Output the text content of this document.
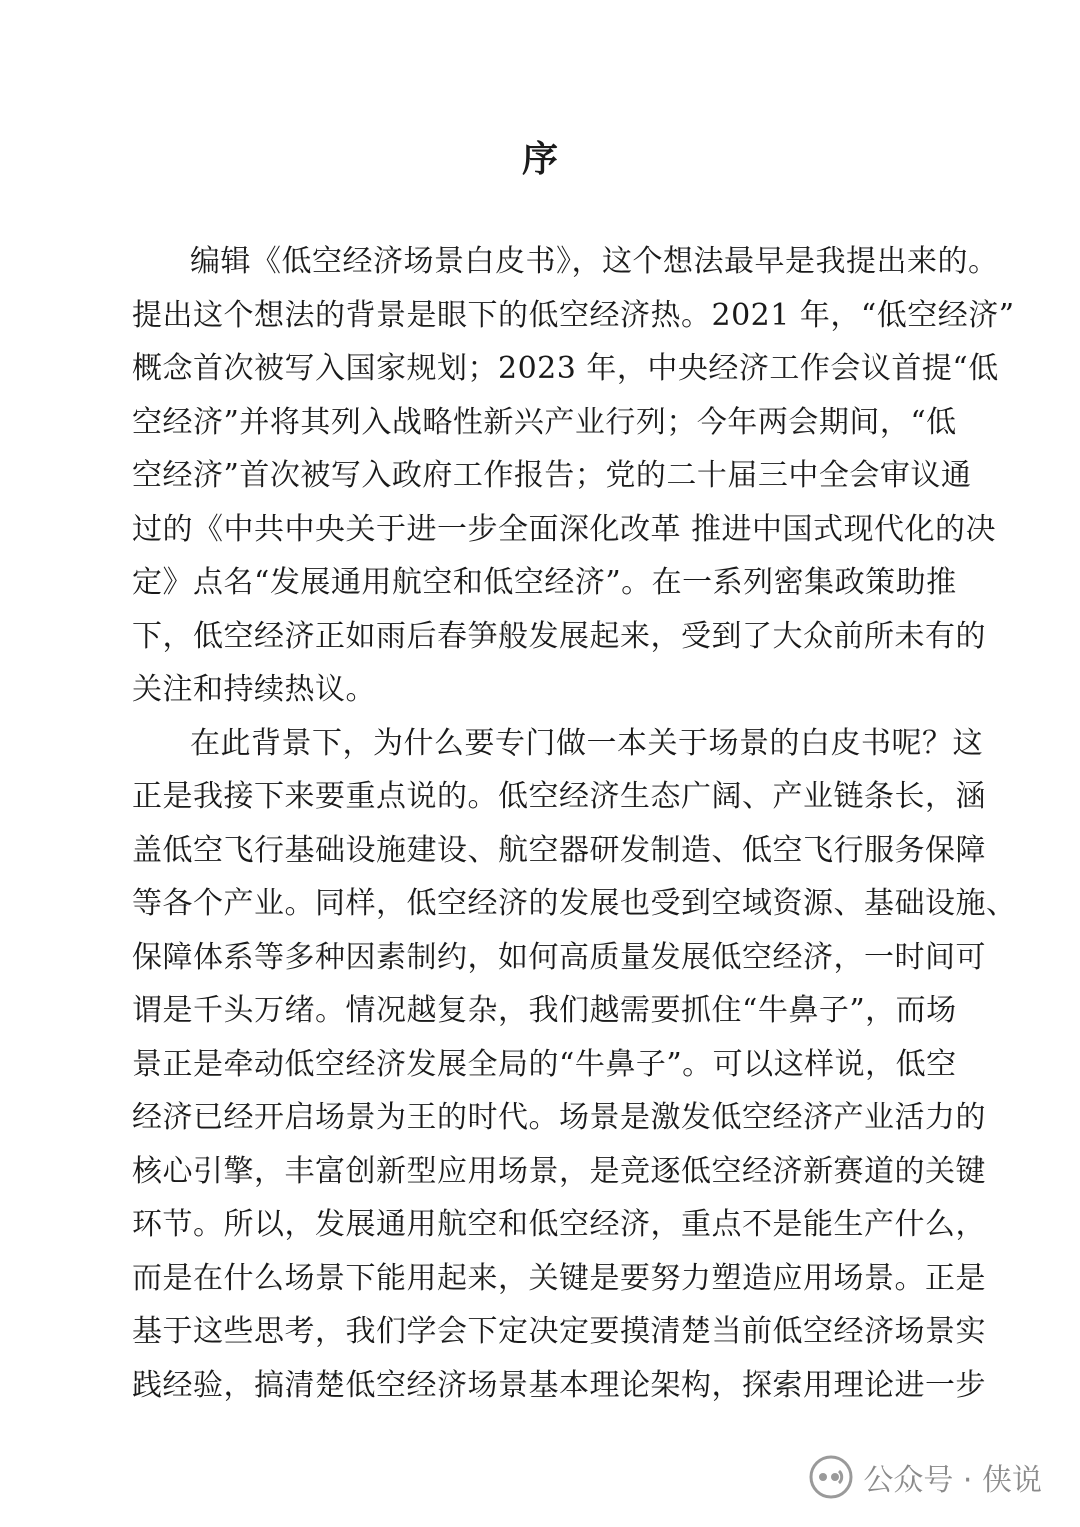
序
编辑《低空经济场景白皮书》，这个想法最早是我提出来的。
提出这个想法的背景是眼下的低空经济热。2021 年，“低空经济”
概念首次被写入国家规划；2023 年，中央经济工作会议首提“低
空经济”并将其列入战略性新兴产业行列；今年两会期间，“低
空经济”首次被写入政府工作报告；党的二十届三中全会审议通
过的《中共中央关于进一步全面深化改革 推进中国式现代化的决
定》点名“发展通用航空和低空经济”。在一系列密集政策助推
下，低空经济正如雨后春笋般发展起来，受到了大众前所未有的
关注和持续热议。
在此背景下，为什么要专门做一本关于场景的白皮书呢？这
正是我接下来要重点说的。低空经济生态广阔、产业链条长，涵
盖低空飞行基础设施建设、航空器研发制造、低空飞行服务保障
等各个产业。同样，低空经济的发展也受到空域资源、基础设施、
保障体系等多种因素制约，如何高质量发展低空经济，一时间可
谓是千头万绪。情况越复杂，我们越需要抓住“牛鼻子”，而场
景正是牵动低空经济发展全局的“牛鼻子”。可以这样说，低空
经济已经开启场景为王的时代。场景是激发低空经济产业活力的
核心引擎，丰富创新型应用场景，是竞逐低空经济新赛道的关键
环节。所以，发展通用航空和低空经济，重点不是能生产什么，
而是在什么场景下能用起来，关键是要努力塑造应用场景。正是
基于这些思考，我们学会下定决定要摸清楚当前低空经济场景实
践经验，搞清楚低空经济场景基本理论架构，探索用理论进一步
公众号 · 侠说
